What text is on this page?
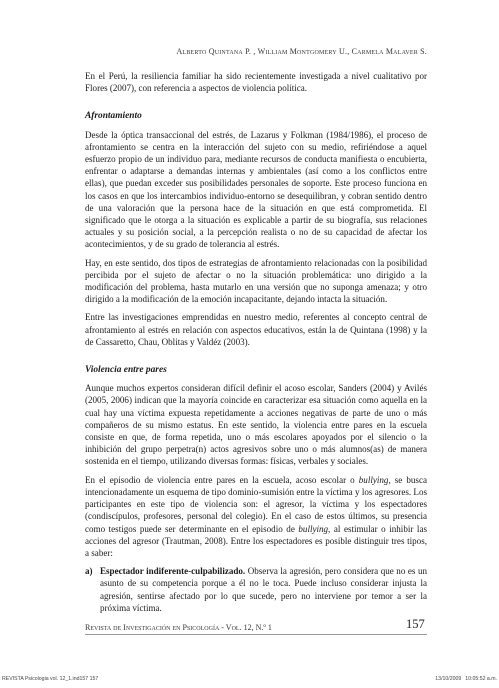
Alberto Quintana P. , William Montgomery U., Carmela Malaver S.

En el Perú, la resiliencia familiar ha sido recientemente investigada a nivel cualitativo por Flores (2007), con referencia a aspectos de violencia política.

Afrontamiento

Desde la óptica transaccional del estrés, de Lazarus y Folkman (1984/1986), el proceso de afrontamiento se centra en la interacción del sujeto con su medio, refiriéndose a aquel esfuerzo propio de un individuo para, mediante recursos de conducta manifiesta o encubierta, enfrentar o adaptarse a demandas internas y ambientales (así como a los conflictos entre ellas), que puedan exceder sus posibilidades personales de soporte. Este proceso funciona en los casos en que los intercambios individuo-entorno se desequilibran, y cobran sentido dentro de una valoración que la persona hace de la situación en que está comprometida. El significado que le otorga a la situación es explicable a partir de su biografía, sus relaciones actuales y su posición social, a la percepción realista o no de su capacidad de afectar los acontecimientos, y de su grado de tolerancia al estrés.

Hay, en este sentido, dos tipos de estrategias de afrontamiento relacionadas con la posibilidad percibida por el sujeto de afectar o no la situación problemática: uno dirigido a la modificación del problema, hasta mutarlo en una versión que no suponga amenaza; y otro dirigido a la modificación de la emoción incapacitante, dejando intacta la situación.

Entre las investigaciones emprendidas en nuestro medio, referentes al concepto central de afrontamiento al estrés en relación con aspectos educativos, están la de Quintana (1998) y la de Cassaretto, Chau, Oblitas y Valdéz (2003).

Violencia entre pares

Aunque muchos expertos consideran difícil definir el acoso escolar, Sanders (2004) y Avilés (2005, 2006) indican que la mayoría coincide en caracterizar esa situación como aquella en la cual hay una víctima expuesta repetidamente a acciones negativas de parte de uno o más compañeros de su mismo estatus. En este sentido, la violencia entre pares en la escuela consiste en que, de forma repetida, uno o más escolares apoyados por el silencio o la inhibición del grupo perpetra(n) actos agresivos sobre uno o más alumnos(as) de manera sostenida en el tiempo, utilizando diversas formas: físicas, verbales y sociales.

En el episodio de violencia entre pares en la escuela, acoso escolar o bullying, se busca intencionadamente un esquema de tipo dominio-sumisión entre la víctima y los agresores. Los participantes en este tipo de violencia son: el agresor, la víctima y los espectadores (condiscípulos, profesores, personal del colegio). En el caso de estos últimos, su presencia como testigos puede ser determinante en el episodio de bullying, al estimular o inhibir las acciones del agresor (Trautman, 2008). Entre los espectadores es posible distinguir tres tipos, a saber:

a) Espectador indiferente-culpabilizado. Observa la agresión, pero considera que no es un asunto de su competencia porque a él no le toca. Puede incluso considerar injusta la agresión, sentirse afectado por lo que sucede, pero no interviene por temor a ser la próxima víctima.
Revista de Investigación en Psicología - Vol. 12, N.º 1	157
REVISTA Psicologia vol. 12_1.ind157 157	13/10/2009 10:05:52 a.m.
